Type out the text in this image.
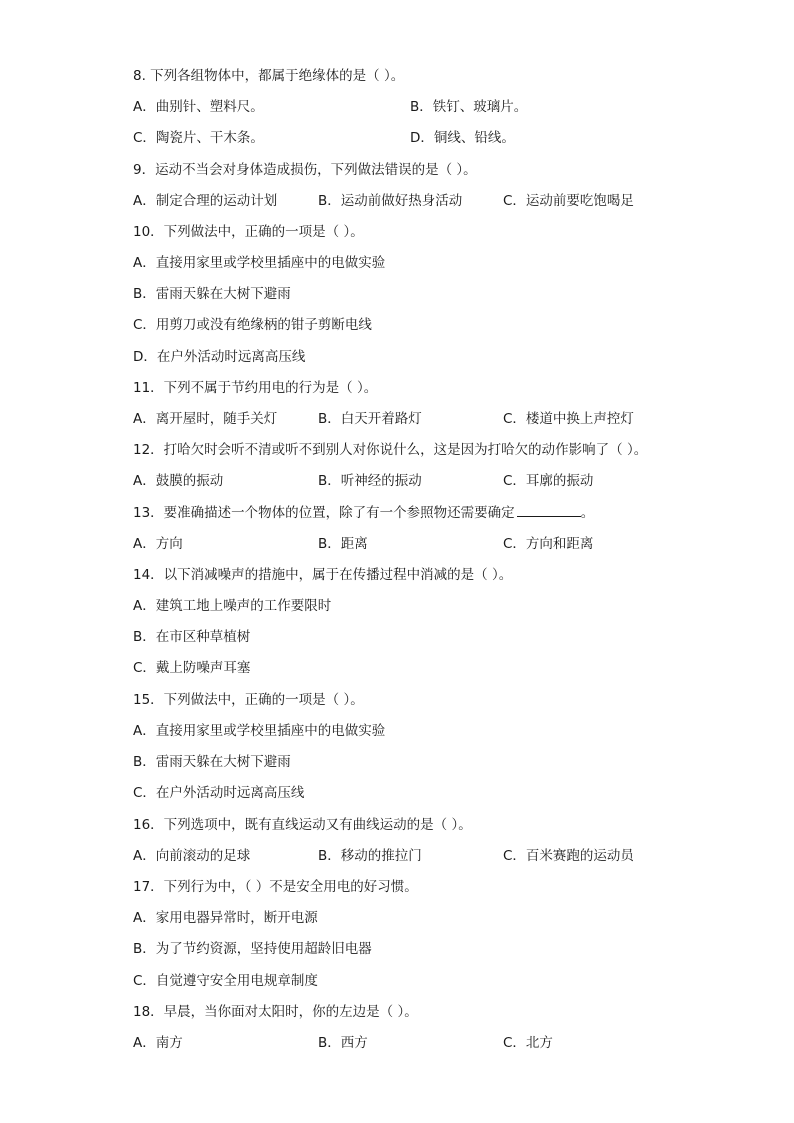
8. 下列各组物体中，都属于绝缘体的是（ ）。
A．曲别针、塑料尺。	B．铁钉、玻璃片。
C．陶瓷片、干木条。	D．铜线、铅线。
9．运动不当会对身体造成损伤，下列做法错误的是（ ）。
A．制定合理的运动计划	B．运动前做好热身活动	C．运动前要吃饱喝足
10．下列做法中，正确的一项是（ ）。
A．直接用家里或学校里插座中的电做实验
B．雷雨天躲在大树下避雨
C．用剪刀或没有绝缘柄的钳子剪断电线
D．在户外活动时远离高压线
11．下列不属于节约用电的行为是（ ）。
A．离开屋时，随手关灯	B．白天开着路灯	C．楼道中换上声控灯
12．打哈欠时会听不清或听不到别人对你说什么，这是因为打哈欠的动作影响了（ ）。
A．鼓膜的振动	B．听神经的振动	C．耳廓的振动
13．要准确描述一个物体的位置，除了有一个参照物还需要确定	。
A．方向	B．距离	C．方向和距离
14．以下消减噪声的措施中，属于在传播过程中消减的是（ ）。
A．建筑工地上噪声的工作要限时
B．在市区种草植树
C．戴上防噪声耳塞
15．下列做法中，正确的一项是（ ）。
A．直接用家里或学校里插座中的电做实验
B．雷雨天躲在大树下避雨
C．在户外活动时远离高压线
16．下列选项中，既有直线运动又有曲线运动的是（ ）。
A．向前滚动的足球	B．移动的推拉门	C．百米赛跑的运动员
17．下列行为中，（ ）不是安全用电的好习惯。
A．家用电器异常时，断开电源
B．为了节约资源，坚持使用超龄旧电器
C．自觉遵守安全用电规章制度
18．早晨，当你面对太阳时，你的左边是（ ）。
A．南方	B．西方	C．北方
